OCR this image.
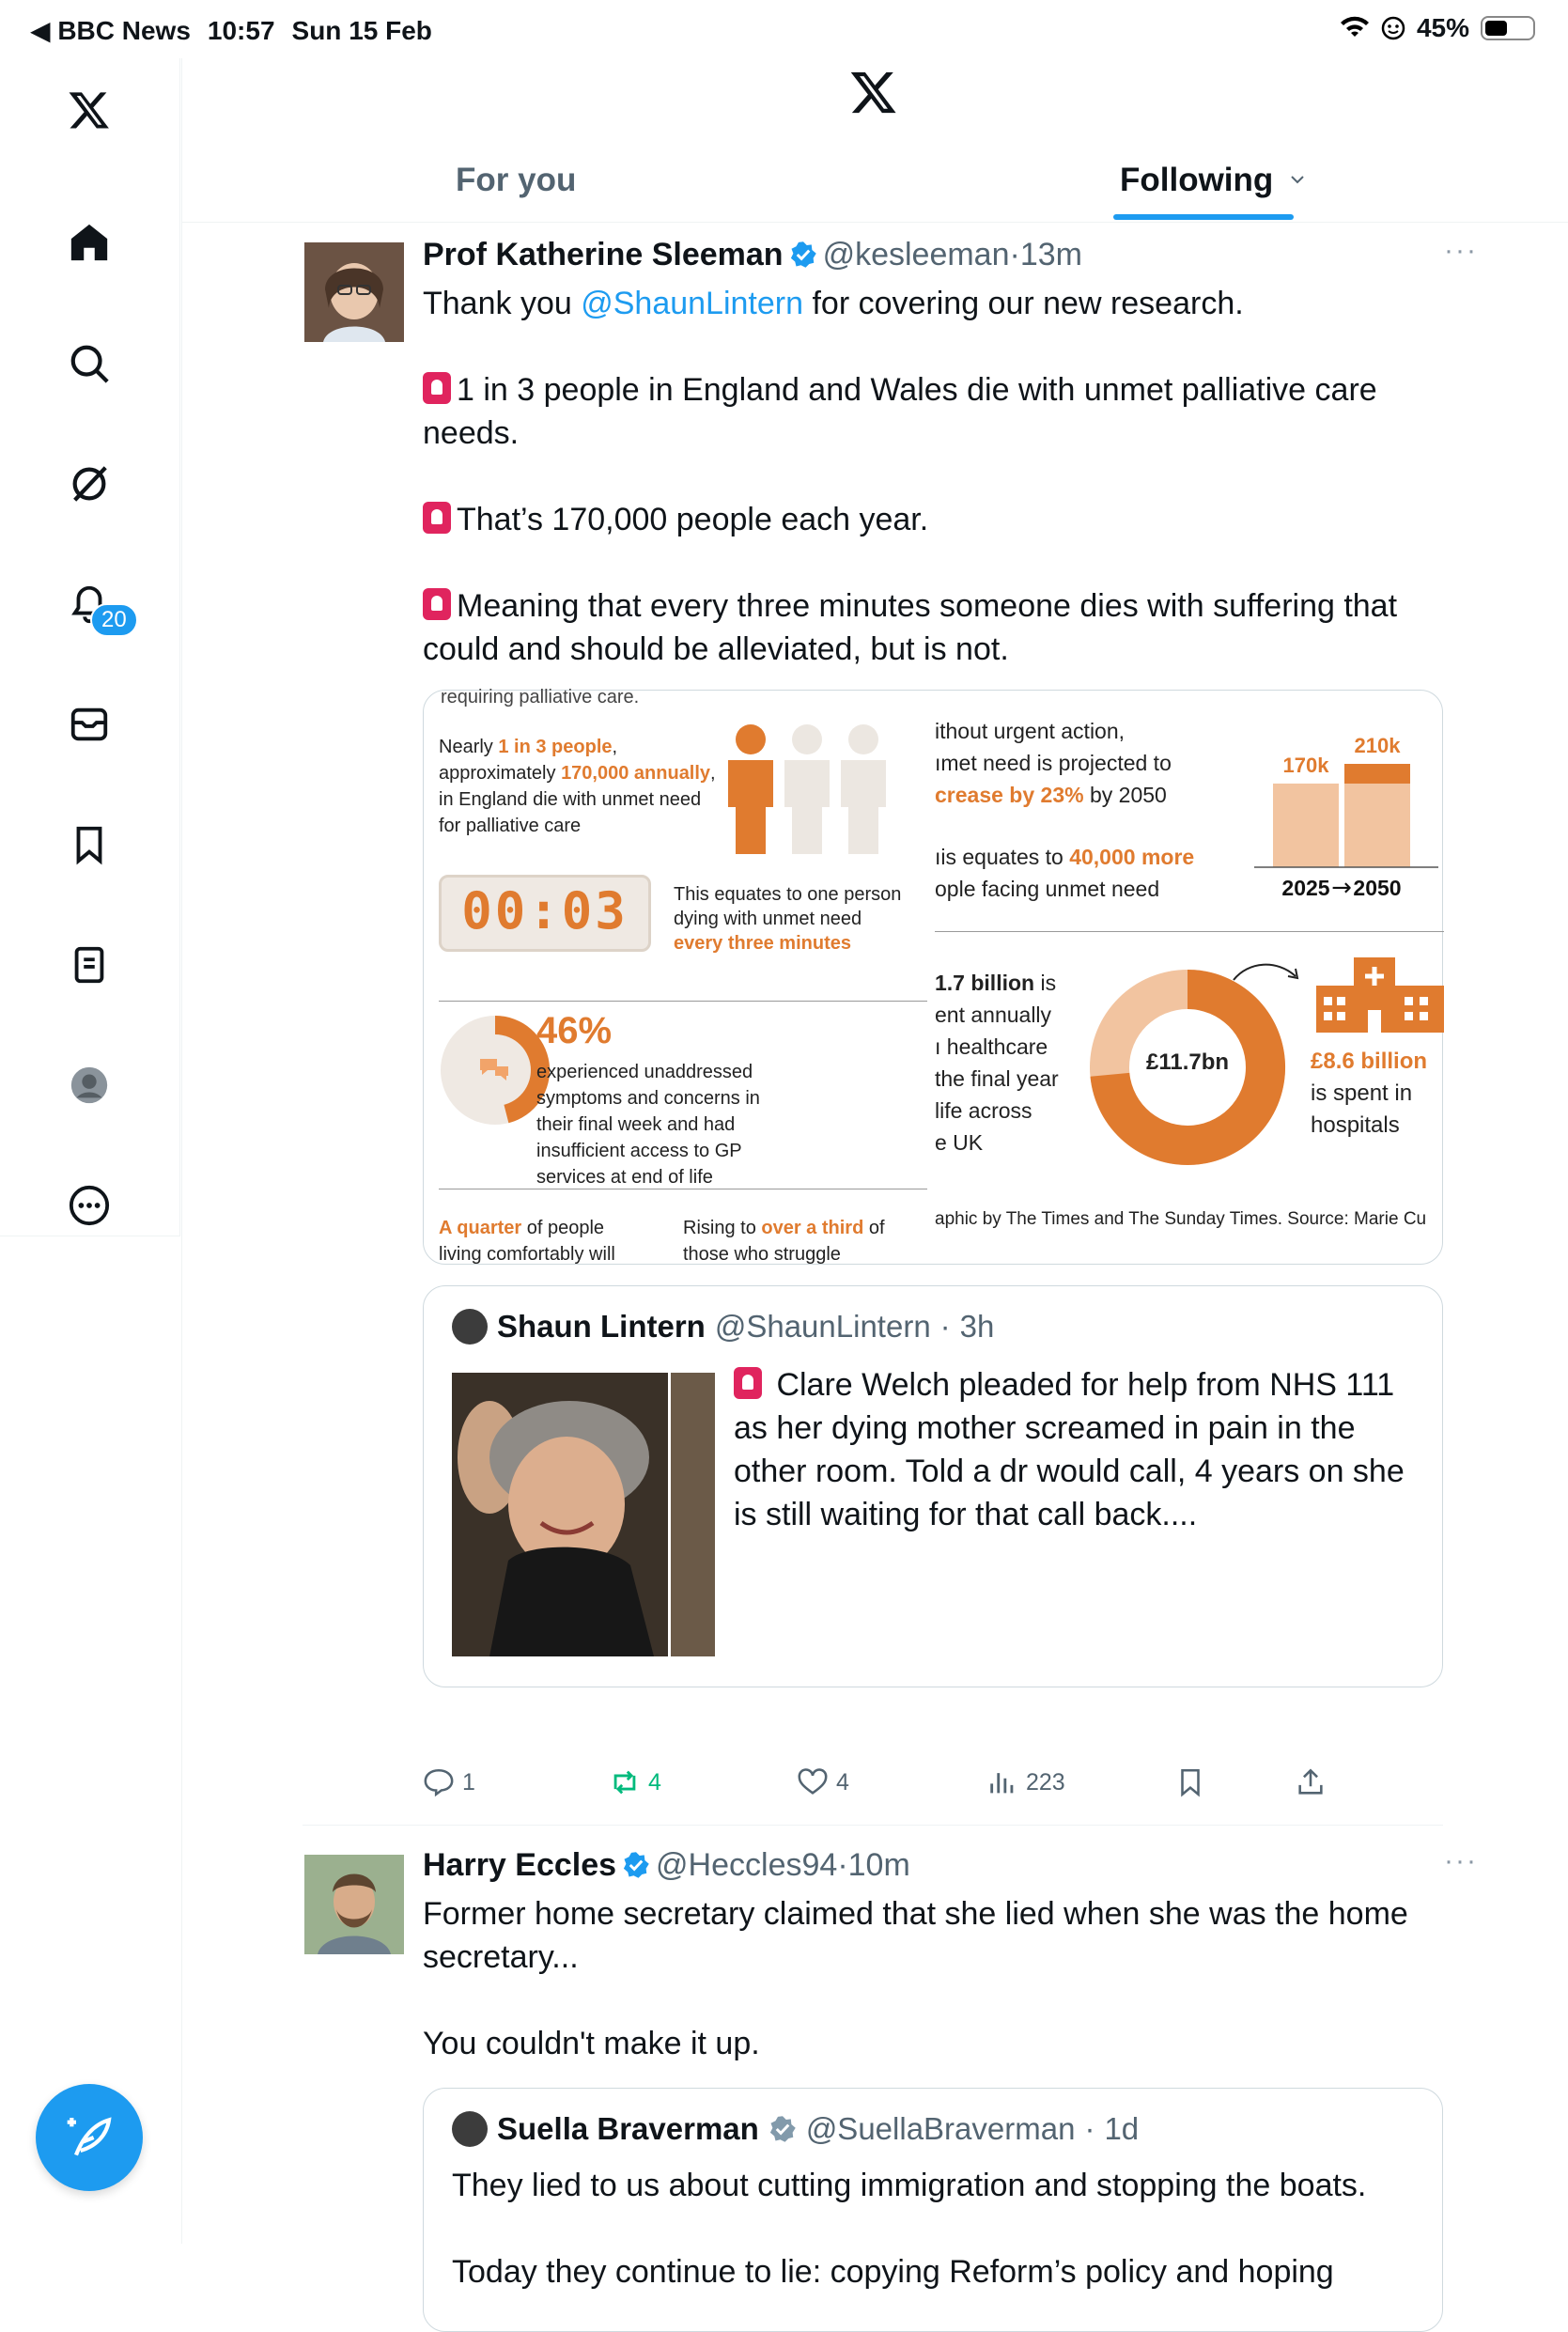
◀ BBC News 10:57 Sun 15 Feb	45%
20
For you	Following
Prof Katherine Sleeman @kesleeman·13m	···

Thank you @ShaunLintern for covering our new research.

1 in 3 people in England and Wales die with unmet palliative care needs.

That’s 170,000 people each year.

Meaning that every three minutes someone dies with suffering that could and should be alleviated, but is not.

requiring palliative care.
Nearly 1 in 3 people, approximately 170,000 annually, in England die with unmet need for palliative care
00:03	This equates to one person dying with unmet need every three minutes
46%
experienced unaddressed symptoms and concerns in their final week and had insufficient access to GP services at end of life
A quarter of people living comfortably will
Rising to over a third of those who struggle
ithout urgent action,
ımet need is projected to
crease by 23% by 2050
ıis equates to 40,000 more
ople facing unmet need
170k
2025
210k
2050
→
1.7 billion is
ent annually
ı healthcare
the final year
life across
e UK
£11.7bn	£8.6 billion
is spent in hospitals
aphic by The Times and The Sunday Times. Source: Marie Cu
Shaun Lintern @ShaunLintern · 3h
Clare Welch pleaded for help from NHS 111 as her dying mother screamed in pain in the other room. Told a dr would call, 4 years on she is still waiting for that call back....
1	4	4	223
Harry Eccles @Heccles94·10m	···

Former home secretary claimed that she lied when she was the home secretary...

You couldn't make it up.

Suella Braverman @SuellaBraverman · 1d

They lied to us about cutting immigration and stopping the boats.

Today they continue to lie: copying Reform’s policy and hoping
